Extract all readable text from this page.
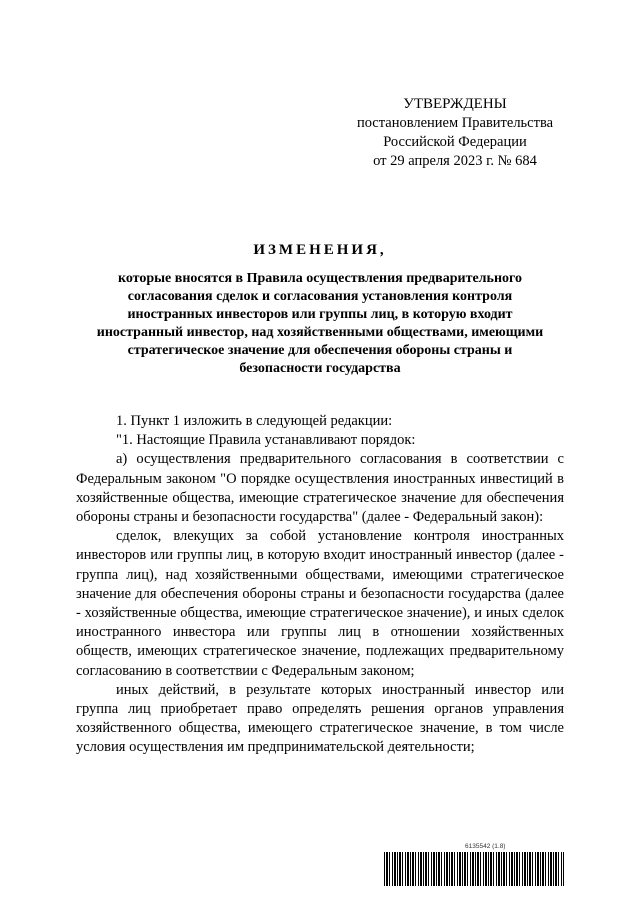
УТВЕРЖДЕНЫ
постановлением Правительства
Российской Федерации
от 29 апреля 2023 г. № 684
ИЗМЕНЕНИЯ,
которые вносятся в Правила осуществления предварительного согласования сделок и согласования установления контроля иностранных инвесторов или группы лиц, в которую входит иностранный инвестор, над хозяйственными обществами, имеющими стратегическое значение для обеспечения обороны страны и безопасности государства

1. Пункт 1 изложить в следующей редакции:

"1. Настоящие Правила устанавливают порядок:

а) осуществления предварительного согласования в соответствии с Федеральным законом "О порядке осуществления иностранных инвестиций в хозяйственные общества, имеющие стратегическое значение для обеспечения обороны страны и безопасности государства" (далее - Федеральный закон):

сделок, влекущих за собой установление контроля иностранных инвесторов или группы лиц, в которую входит иностранный инвестор (далее - группа лиц), над хозяйственными обществами, имеющими стратегическое значение для обеспечения обороны страны и безопасности государства (далее - хозяйственные общества, имеющие стратегическое значение), и иных сделок иностранного инвестора или группы лиц в отношении хозяйственных обществ, имеющих стратегическое значение, подлежащих предварительному согласованию в соответствии с Федеральным законом;

иных действий, в результате которых иностранный инвестор или группа лиц приобретает право определять решения органов управления хозяйственного общества, имеющего стратегическое значение, в том числе условия осуществления им предпринимательской деятельности;

6135542 (1.8)
